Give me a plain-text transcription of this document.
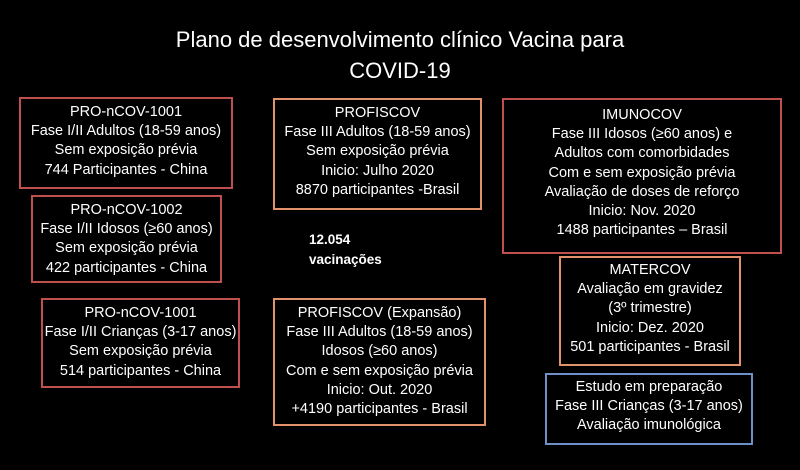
Plano de desenvolvimento clínico Vacina para
COVID-19
PRO-nCOV-1001
Fase I/II Adultos (18-59 anos)
Sem exposição prévia
744 Participantes - China
PRO-nCOV-1002
Fase I/II Idosos (≥60 anos)
Sem exposição prévia
422 participantes - China
PRO-nCOV-1001
Fase I/II Crianças (3-17 anos)
Sem exposição prévia
514 participantes - China
PROFISCOV
Fase III Adultos (18-59 anos)
Sem exposição prévia
Inicio: Julho 2020
8870 participantes -Brasil
12.054
vacinações
PROFISCOV (Expansão)
Fase III Adultos (18-59 anos)
Idosos (≥60 anos)
Com e sem exposição prévia
Inicio: Out. 2020
+4190 participantes - Brasil
IMUNOCOV
Fase III Idosos (≥60 anos) e
Adultos com comorbidades
Com e sem exposição prévia
Avaliação de doses de reforço
Inicio: Nov. 2020
1488 participantes – Brasil
MATERCOV
Avaliação em gravidez
(3º trimestre)
Inicio: Dez. 2020
501 participantes - Brasil
Estudo em preparação
Fase III Crianças (3-17 anos)
Avaliação imunológica
